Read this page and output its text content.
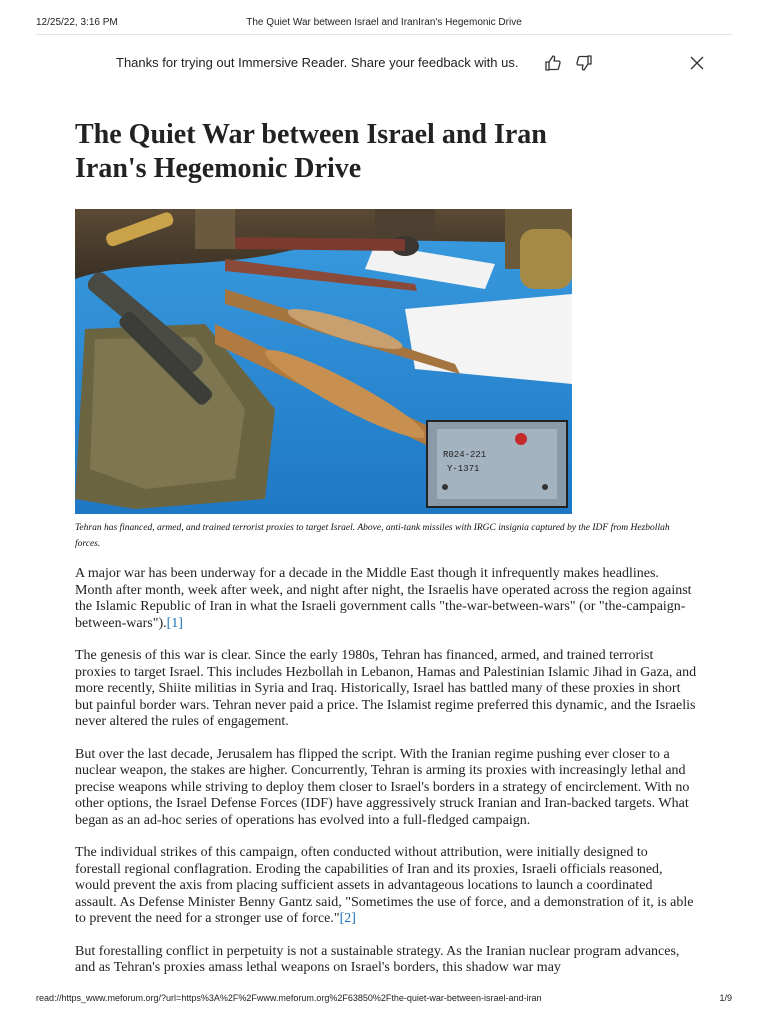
12/25/22, 3:16 PM	The Quiet War between Israel and IranIran's Hegemonic Drive
Thanks for trying out Immersive Reader. Share your feedback with us.
The Quiet War between Israel and Iran
Iran's Hegemonic Drive
R024-221
Y-1371
Tehran has financed, armed, and trained terrorist proxies to target Israel. Above, anti-tank missiles with IRGC insignia captured by the IDF from Hezbollah forces.

A major war has been underway for a decade in the Middle East though it infrequently makes headlines. Month after month, week after week, and night after night, the Israelis have operated across the region against the Islamic Republic of Iran in what the Israeli government calls "the-war-between-wars" (or "the-campaign-between-wars").[1]

The genesis of this war is clear. Since the early 1980s, Tehran has financed, armed, and trained terrorist proxies to target Israel. This includes Hezbollah in Lebanon, Hamas and Palestinian Islamic Jihad in Gaza, and more recently, Shiite militias in Syria and Iraq. Historically, Israel has battled many of these proxies in short but painful border wars. Tehran never paid a price. The Islamist regime preferred this dynamic, and the Israelis never altered the rules of engagement.

But over the last decade, Jerusalem has flipped the script. With the Iranian regime pushing ever closer to a nuclear weapon, the stakes are higher. Concurrently, Tehran is arming its proxies with increasingly lethal and precise weapons while striving to deploy them closer to Israel's borders in a strategy of encirclement. With no other options, the Israel Defense Forces (IDF) have aggressively struck Iranian and Iran-backed targets. What began as an ad-hoc series of operations has evolved into a full-fledged campaign.

The individual strikes of this campaign, often conducted without attribution, were initially designed to forestall regional conflagration. Eroding the capabilities of Iran and its proxies, Israeli officials reasoned, would prevent the axis from placing sufficient assets in advantageous locations to launch a coordinated assault. As Defense Minister Benny Gantz said, "Sometimes the use of force, and a demonstration of it, is able to prevent the need for a stronger use of force."[2]

But forestalling conflict in perpetuity is not a sustainable strategy. As the Iranian nuclear program advances, and as Tehran's proxies amass lethal weapons on Israel's borders, this shadow war may

read://https_www.meforum.org/?url=https%3A%2F%2Fwww.meforum.org%2F63850%2Fthe-quiet-war-between-israel-and-iran	1/9
